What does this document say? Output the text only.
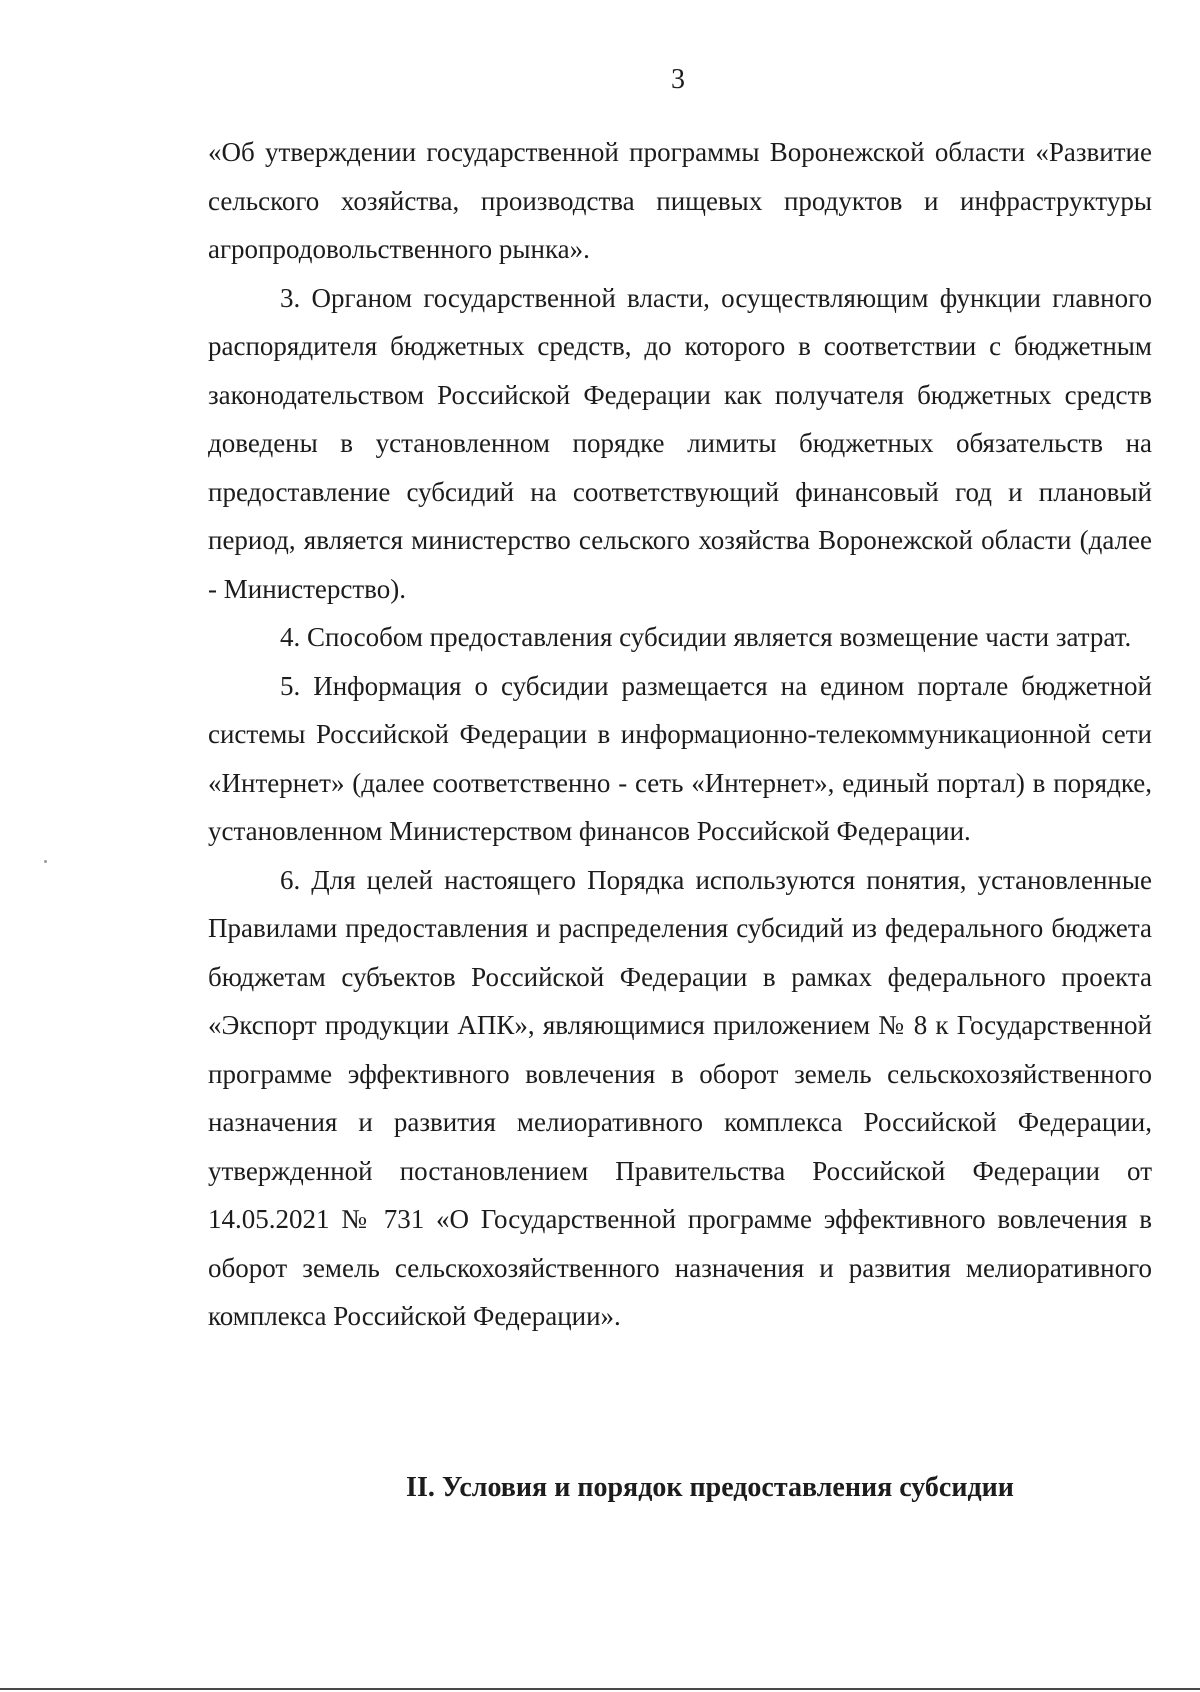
3

«Об утверждении государственной программы Воронежской области «Развитие сельского хозяйства, производства пищевых продуктов и инфраструктуры агропродовольственного рынка».

3. Органом государственной власти, осуществляющим функции главного распорядителя бюджетных средств, до которого в соответствии с бюджетным законодательством Российской Федерации как получателя бюджетных средств доведены в установленном порядке лимиты бюджетных обязательств на предоставление субсидий на соответствующий финансовый год и плановый период, является министерство сельского хозяйства Воронежской области (далее - Министерство).

4. Способом предоставления субсидии является возмещение части затрат.

5. Информация о субсидии размещается на едином портале бюджетной системы Российской Федерации в информационно-телекоммуникационной сети «Интернет» (далее соответственно - сеть «Интернет», единый портал) в порядке, установленном Министерством финансов Российской Федерации.

6. Для целей настоящего Порядка используются понятия, установленные Правилами предоставления и распределения субсидий из федерального бюджета бюджетам субъектов Российской Федерации в рамках федерального проекта «Экспорт продукции АПК», являющимися приложением № 8 к Государственной программе эффективного вовлечения в оборот земель сельскохозяйственного назначения и развития мелиоративного комплекса Российской Федерации, утвержденной постановлением Правительства Российской Федерации от 14.05.2021 № 731 «О Государственной программе эффективного вовлечения в оборот земель сельскохозяйственного назначения и развития мелиоративного комплекса Российской Федерации».

II. Условия и порядок предоставления субсидии
